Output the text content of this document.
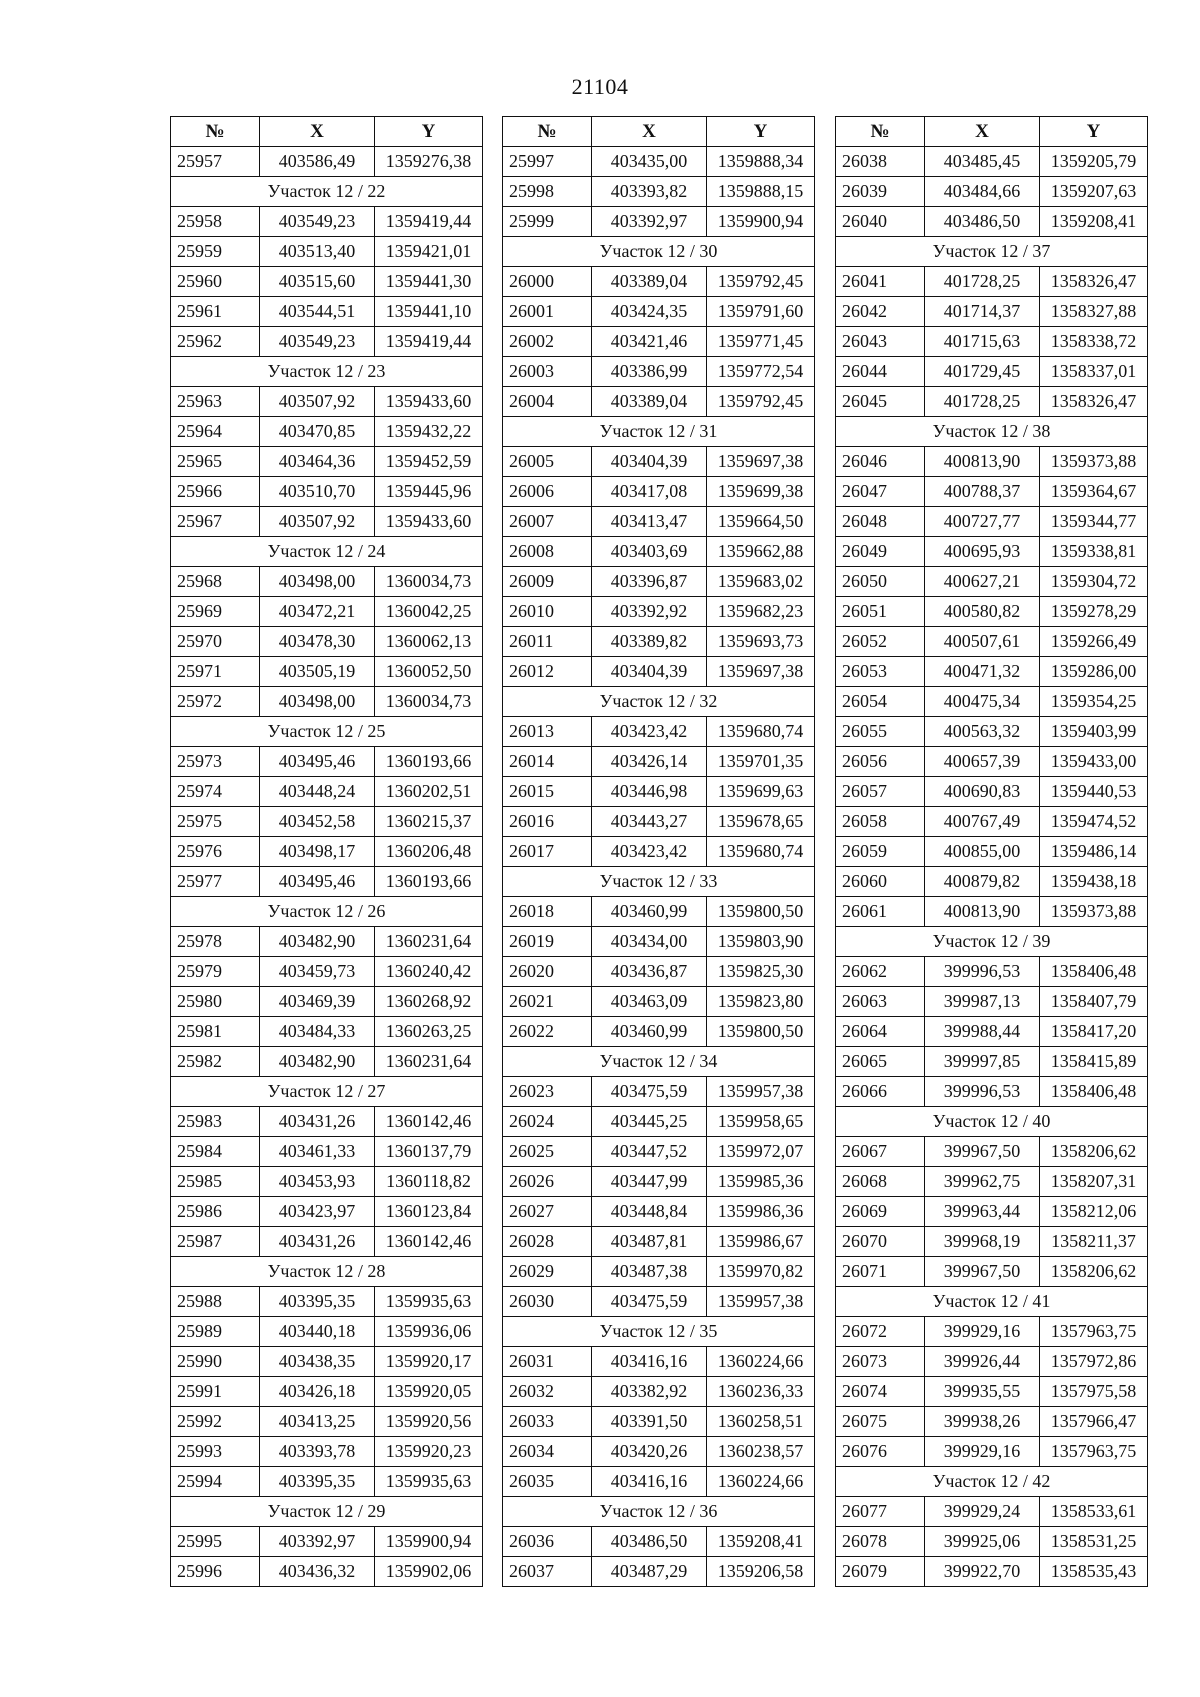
21104
№	X	Y
25957	403586,49	1359276,38
Участок 12 / 22		
25958	403549,23	1359419,44
25959	403513,40	1359421,01
25960	403515,60	1359441,30
25961	403544,51	1359441,10
25962	403549,23	1359419,44
Участок 12 / 23		
25963	403507,92	1359433,60
25964	403470,85	1359432,22
25965	403464,36	1359452,59
25966	403510,70	1359445,96
25967	403507,92	1359433,60
Участок 12 / 24		
25968	403498,00	1360034,73
25969	403472,21	1360042,25
25970	403478,30	1360062,13
25971	403505,19	1360052,50
25972	403498,00	1360034,73
Участок 12 / 25		
25973	403495,46	1360193,66
25974	403448,24	1360202,51
25975	403452,58	1360215,37
25976	403498,17	1360206,48
25977	403495,46	1360193,66
Участок 12 / 26		
25978	403482,90	1360231,64
25979	403459,73	1360240,42
25980	403469,39	1360268,92
25981	403484,33	1360263,25
25982	403482,90	1360231,64
Участок 12 / 27		
25983	403431,26	1360142,46
25984	403461,33	1360137,79
25985	403453,93	1360118,82
25986	403423,97	1360123,84
25987	403431,26	1360142,46
Участок 12 / 28		
25988	403395,35	1359935,63
25989	403440,18	1359936,06
25990	403438,35	1359920,17
25991	403426,18	1359920,05
25992	403413,25	1359920,56
25993	403393,78	1359920,23
25994	403395,35	1359935,63
Участок 12 / 29		
25995	403392,97	1359900,94
25996	403436,32	1359902,06
№	X	Y
25997	403435,00	1359888,34
25998	403393,82	1359888,15
25999	403392,97	1359900,94
Участок 12 / 30		
26000	403389,04	1359792,45
26001	403424,35	1359791,60
26002	403421,46	1359771,45
26003	403386,99	1359772,54
26004	403389,04	1359792,45
Участок 12 / 31		
26005	403404,39	1359697,38
26006	403417,08	1359699,38
26007	403413,47	1359664,50
26008	403403,69	1359662,88
26009	403396,87	1359683,02
26010	403392,92	1359682,23
26011	403389,82	1359693,73
26012	403404,39	1359697,38
Участок 12 / 32		
26013	403423,42	1359680,74
26014	403426,14	1359701,35
26015	403446,98	1359699,63
26016	403443,27	1359678,65
26017	403423,42	1359680,74
Участок 12 / 33		
26018	403460,99	1359800,50
26019	403434,00	1359803,90
26020	403436,87	1359825,30
26021	403463,09	1359823,80
26022	403460,99	1359800,50
Участок 12 / 34		
26023	403475,59	1359957,38
26024	403445,25	1359958,65
26025	403447,52	1359972,07
26026	403447,99	1359985,36
26027	403448,84	1359986,36
26028	403487,81	1359986,67
26029	403487,38	1359970,82
26030	403475,59	1359957,38
Участок 12 / 35		
26031	403416,16	1360224,66
26032	403382,92	1360236,33
26033	403391,50	1360258,51
26034	403420,26	1360238,57
26035	403416,16	1360224,66
Участок 12 / 36		
26036	403486,50	1359208,41
26037	403487,29	1359206,58
№	X	Y
26038	403485,45	1359205,79
26039	403484,66	1359207,63
26040	403486,50	1359208,41
Участок 12 / 37		
26041	401728,25	1358326,47
26042	401714,37	1358327,88
26043	401715,63	1358338,72
26044	401729,45	1358337,01
26045	401728,25	1358326,47
Участок 12 / 38		
26046	400813,90	1359373,88
26047	400788,37	1359364,67
26048	400727,77	1359344,77
26049	400695,93	1359338,81
26050	400627,21	1359304,72
26051	400580,82	1359278,29
26052	400507,61	1359266,49
26053	400471,32	1359286,00
26054	400475,34	1359354,25
26055	400563,32	1359403,99
26056	400657,39	1359433,00
26057	400690,83	1359440,53
26058	400767,49	1359474,52
26059	400855,00	1359486,14
26060	400879,82	1359438,18
26061	400813,90	1359373,88
Участок 12 / 39		
26062	399996,53	1358406,48
26063	399987,13	1358407,79
26064	399988,44	1358417,20
26065	399997,85	1358415,89
26066	399996,53	1358406,48
Участок 12 / 40		
26067	399967,50	1358206,62
26068	399962,75	1358207,31
26069	399963,44	1358212,06
26070	399968,19	1358211,37
26071	399967,50	1358206,62
Участок 12 / 41		
26072	399929,16	1357963,75
26073	399926,44	1357972,86
26074	399935,55	1357975,58
26075	399938,26	1357966,47
26076	399929,16	1357963,75
Участок 12 / 42		
26077	399929,24	1358533,61
26078	399925,06	1358531,25
26079	399922,70	1358535,43
